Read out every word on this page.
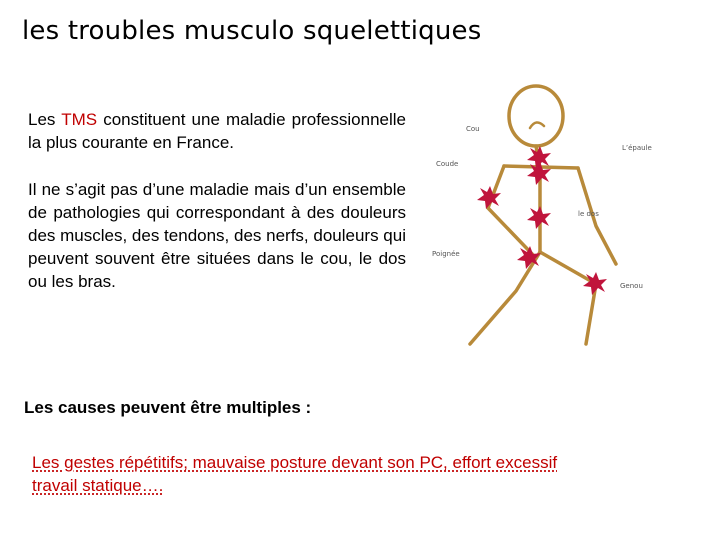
les troubles musculo squelettiques
Les TMS constituent une maladie professionnelle la plus courante en France.
Il ne s’agit pas d’une maladie mais d’un ensemble de pathologies qui correspondant à des douleurs des muscles, des tendons, des nerfs, douleurs qui peuvent souvent être situées dans le cou, le dos ou les bras.
Les causes peuvent être multiples :
Les gestes répétitifs; mauvaise posture devant son PC, effort excessif
travail statique….
Cou
L’épaule
Coude
le dos
Poignée
Genou
